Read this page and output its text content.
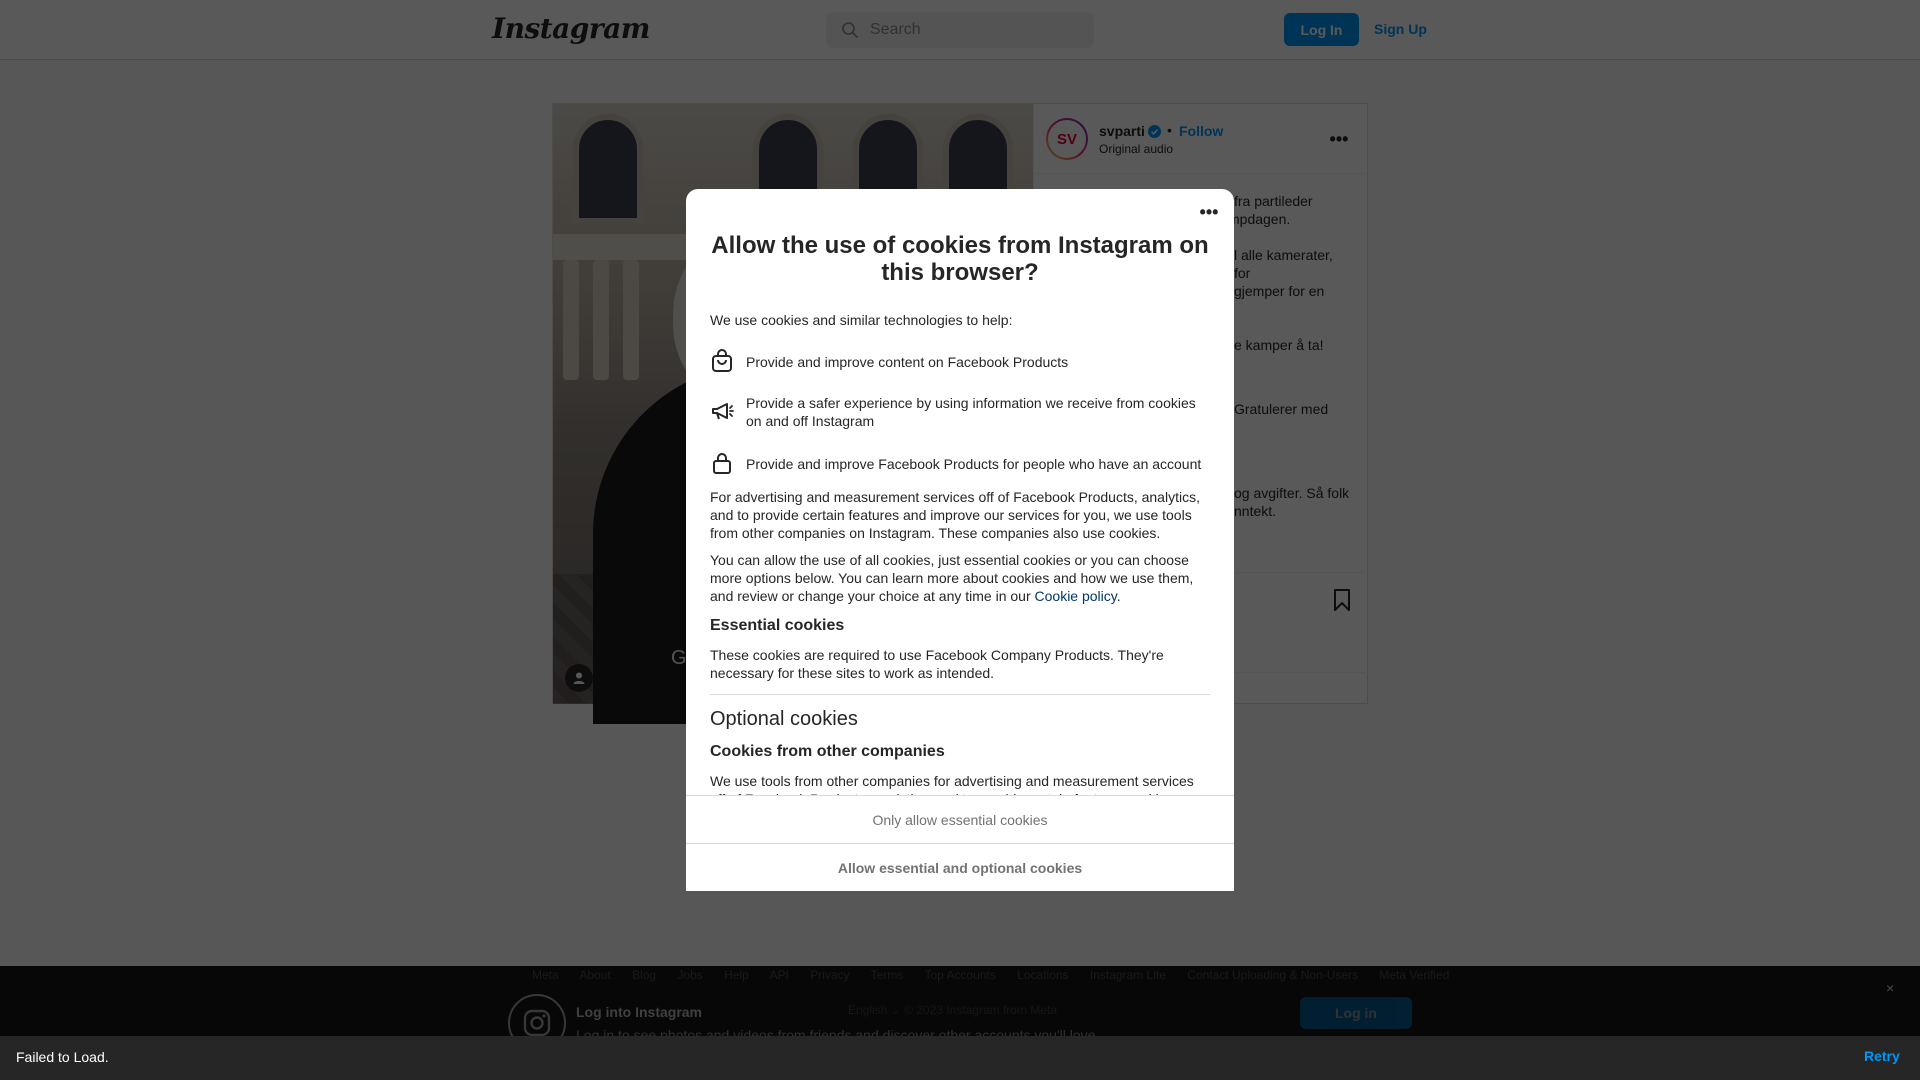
Search
Allow the use of cookies from Instagram on this browser?
We use cookies and similar technologies to help:
Provide and improve content on Facebook Products
Provide a safer experience by using information we receive from cookies on and off Instagram
Provide and improve Facebook Products for people who have an account
For advertising and measurement services off of Facebook Products, analytics, and to provide certain features and improve our services for you, we use tools from other companies on Instagram. These companies also use cookies.
You can allow the use of all cookies, just essential cookies or you can choose more options below. You can learn more about cookies and how we use them, and review or change your choice at any time in our Cookie policy.
Essential cookies
These cookies are required to use Facebook Company Products. They're necessary for these sites to work as intended.
Optional cookies
Cookies from other companies
We use tools from other companies for advertising and measurement services
•••
Only allow essential cookies
Allow essential and optional cookies
Failed to Load.	Retry
